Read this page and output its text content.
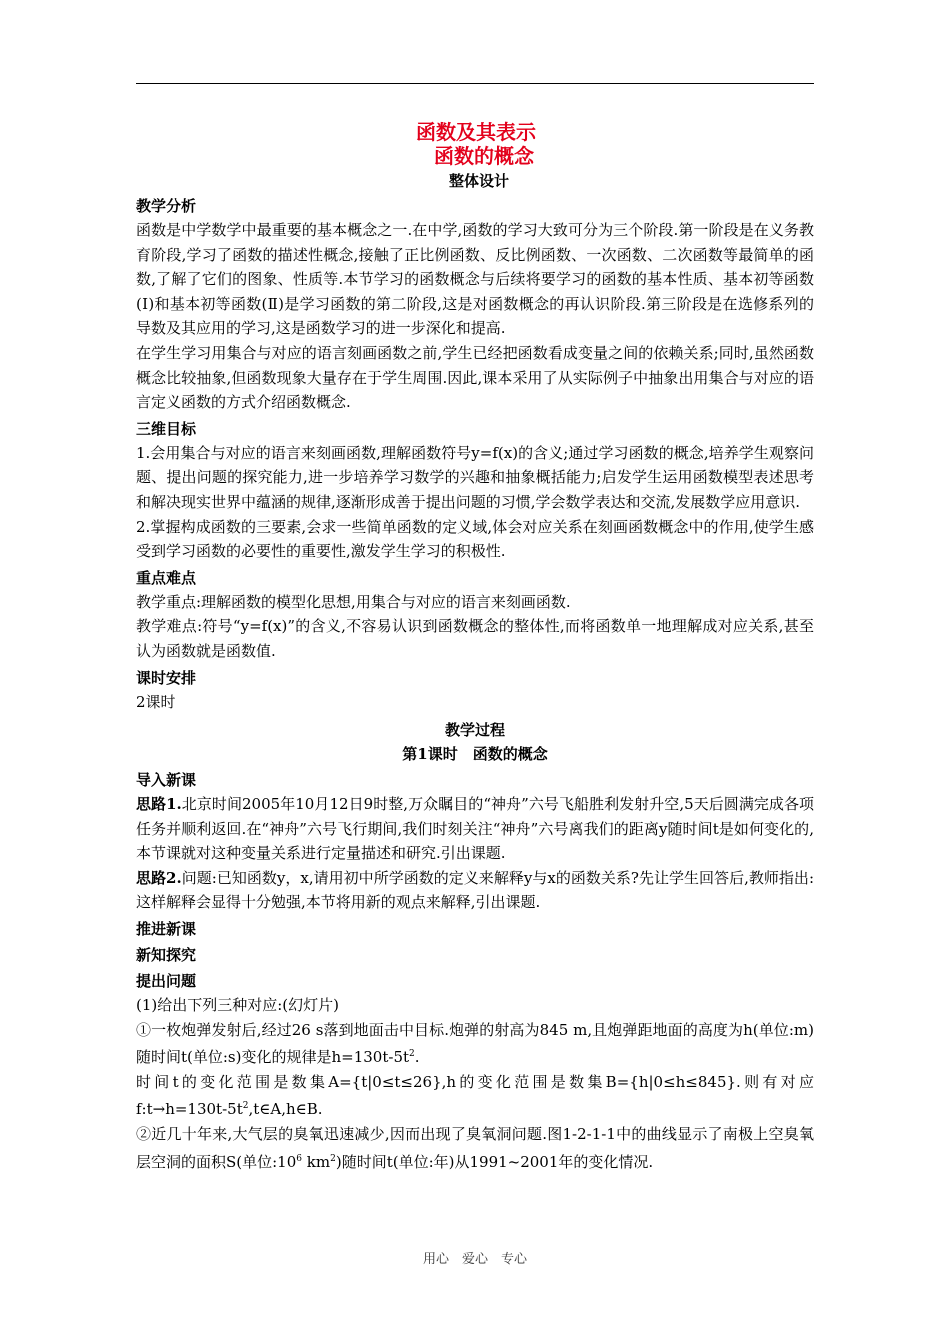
函数及其表示
函数的概念
整体设计
教学分析

函数是中学数学中最重要的基本概念之一.在中学,函数的学习大致可分为三个阶段.第一阶段是在义务教育阶段,学习了函数的描述性概念,接触了正比例函数、反比例函数、一次函数、二次函数等最简单的函数,了解了它们的图象、性质等.本节学习的函数概念与后续将要学习的函数的基本性质、基本初等函数(Ⅰ)和基本初等函数(Ⅱ)是学习函数的第二阶段,这是对函数概念的再认识阶段.第三阶段是在选修系列的导数及其应用的学习,这是函数学习的进一步深化和提高.

在学生学习用集合与对应的语言刻画函数之前,学生已经把函数看成变量之间的依赖关系;同时,虽然函数概念比较抽象,但函数现象大量存在于学生周围.因此,课本采用了从实际例子中抽象出用集合与对应的语言定义函数的方式介绍函数概念.

三维目标

1.会用集合与对应的语言来刻画函数,理解函数符号y=f(x)的含义;通过学习函数的概念,培养学生观察问题、提出问题的探究能力,进一步培养学习数学的兴趣和抽象概括能力;启发学生运用函数模型表述思考和解决现实世界中蕴涵的规律,逐渐形成善于提出问题的习惯,学会数学表达和交流,发展数学应用意识.

2.掌握构成函数的三要素,会求一些简单函数的定义域,体会对应关系在刻画函数概念中的作用,使学生感受到学习函数的必要性的重要性,激发学生学习的积极性.

重点难点

教学重点:理解函数的模型化思想,用集合与对应的语言来刻画函数.

教学难点:符号“y=f(x)”的含义,不容易认识到函数概念的整体性,而将函数单一地理解成对应关系,甚至认为函数就是函数值.

课时安排

2课时

教学过程
第1课时　函数的概念
导入新课

思路1.北京时间2005年10月12日9时整,万众瞩目的“神舟”六号飞船胜利发射升空,5天后圆满完成各项任务并顺利返回.在“神舟”六号飞行期间,我们时刻关注“神舟”六号离我们的距离y随时间t是如何变化的,本节课就对这种变量关系进行定量描述和研究.引出课题.

思路2.问题:已知函数y，x,请用初中所学函数的定义来解释y与x的函数关系?先让学生回答后,教师指出:这样解释会显得十分勉强,本节将用新的观点来解释,引出课题.

推进新课
新知探究
提出问题

(1)给出下列三种对应:(幻灯片)

①一枚炮弹发射后,经过26 s落到地面击中目标.炮弹的射高为845 m,且炮弹距地面的高度为h(单位:m)随时间t(单位:s)变化的规律是$h=130t-5t^2$.

时间t的变化范围是数集A={t|0≤t≤26},h的变化范围是数集B={h|0≤h≤845}.则有对应$f:t\to h=130t-5t^2,t\in A,h\in B$.

②近几十年来,大气层的臭氧迅速减少,因而出现了臭氧洞问题.图1-2-1-1中的曲线显示了南极上空臭氧层空洞的面积S(单位$:10^6$ $km^2$)随时间t(单位:年)从1991~2001年的变化情况.

用心　爱心　专心
